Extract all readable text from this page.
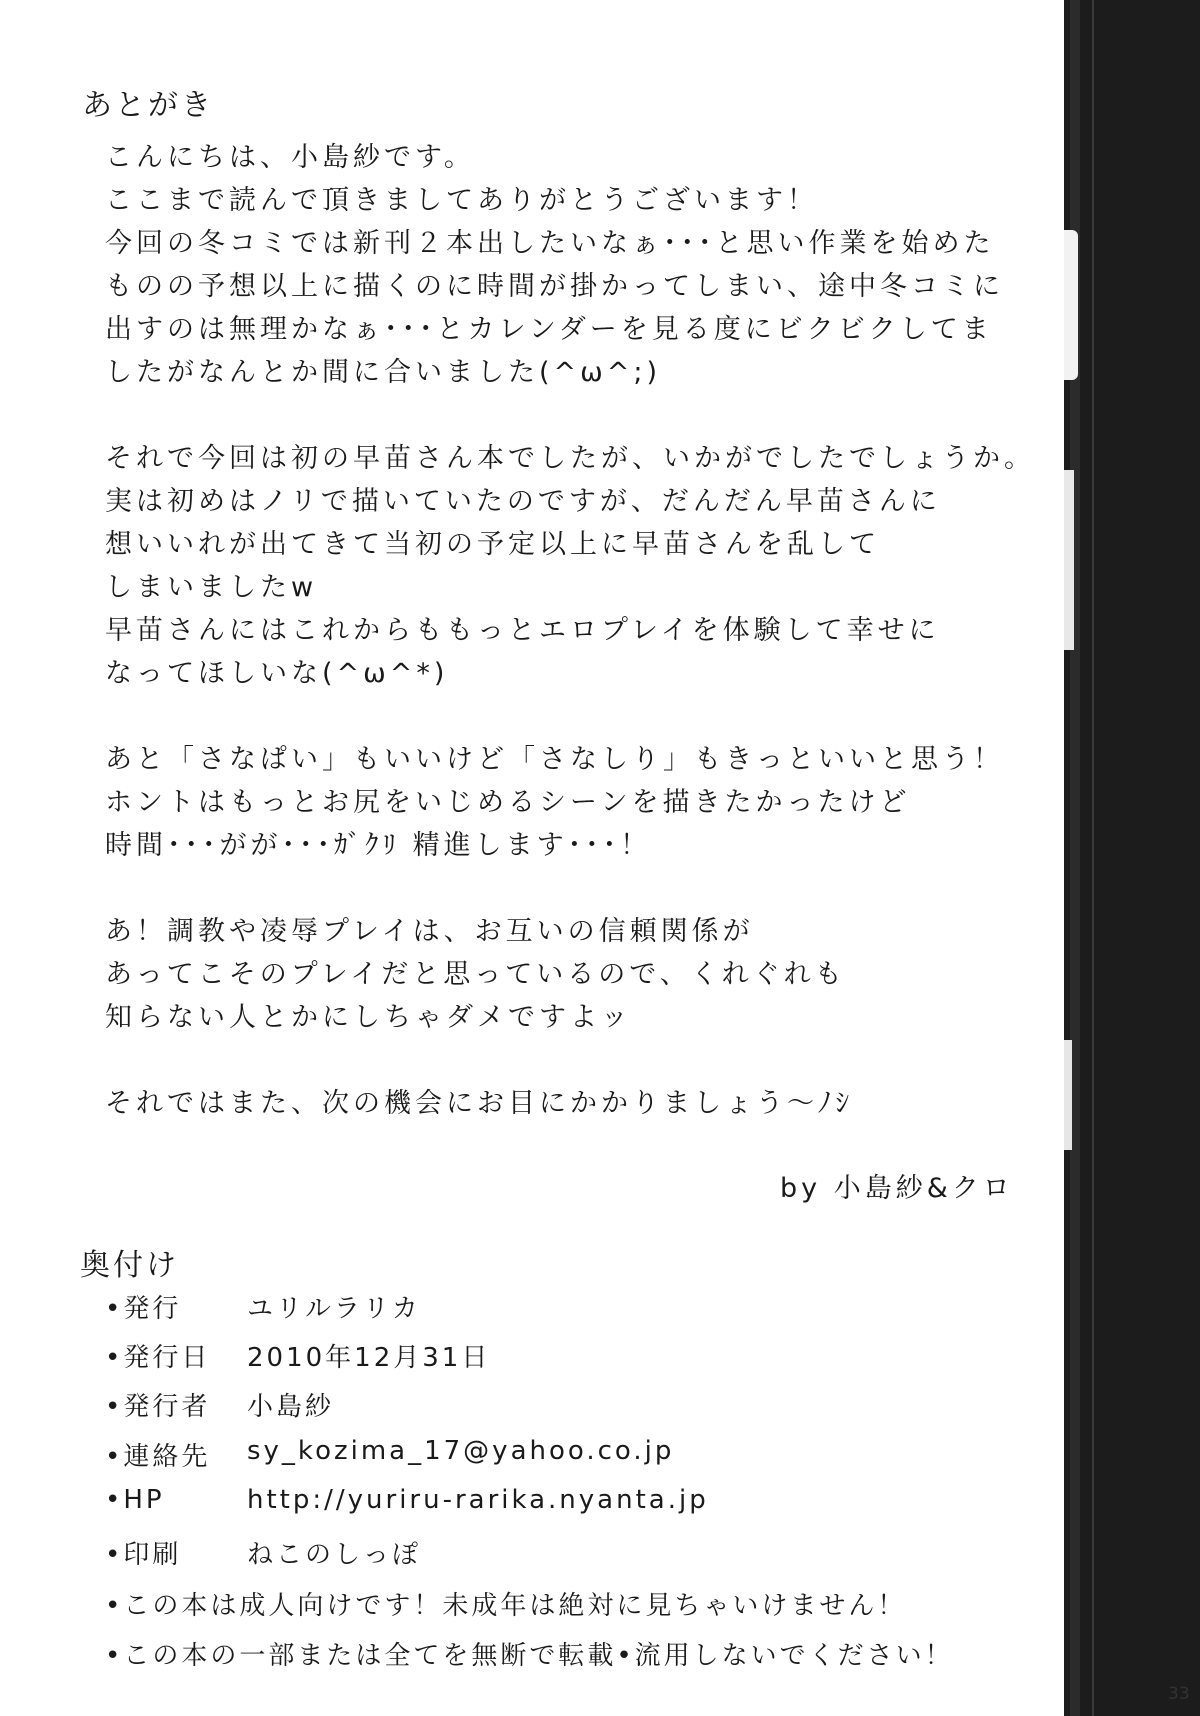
あとがき
こんにちは、小島紗です。
ここまで読んで頂きましてありがとうございます！
今回の冬コミでは新刊２本出したいなぁ･･･と思い作業を始めた
ものの予想以上に描くのに時間が掛かってしまい、途中冬コミに
出すのは無理かなぁ･･･とカレンダーを見る度にビクビクしてま
したがなんとか間に合いました(^ω^;)
それで今回は初の早苗さん本でしたが、いかがでしたでしょうか。
実は初めはノリで描いていたのですが、だんだん早苗さんに
想いいれが出てきて当初の予定以上に早苗さんを乱して
しまいましたw
早苗さんにはこれからももっとエロプレイを体験して幸せに
なってほしいな(^ω^*)
あと「さなぱい」もいいけど「さなしり」もきっといいと思う！
ホントはもっとお尻をいじめるシーンを描きたかったけど
時間･･･がが･･･ｶﾞｸﾘ 精進します･･･！
あ！調教や凌辱プレイは、お互いの信頼関係が
あってこそのプレイだと思っているので、くれぐれも
知らない人とかにしちゃダメですよッ
それではまた、次の機会にお目にかかりましょう～ﾉｼ
by 小島紗&クロ
奥付け
•発行	ユリルラリカ
•発行日 2010年12月31日
•発行者 小島紗
•連絡先 sy_kozima_17@yahoo.co.jp
•HP	http://yuriru-rarika.nyanta.jp
•印刷	ねこのしっぽ
•この本は成人向けです！未成年は絶対に見ちゃいけません！
•この本の一部または全てを無断で転載•流用しないでください！
33
